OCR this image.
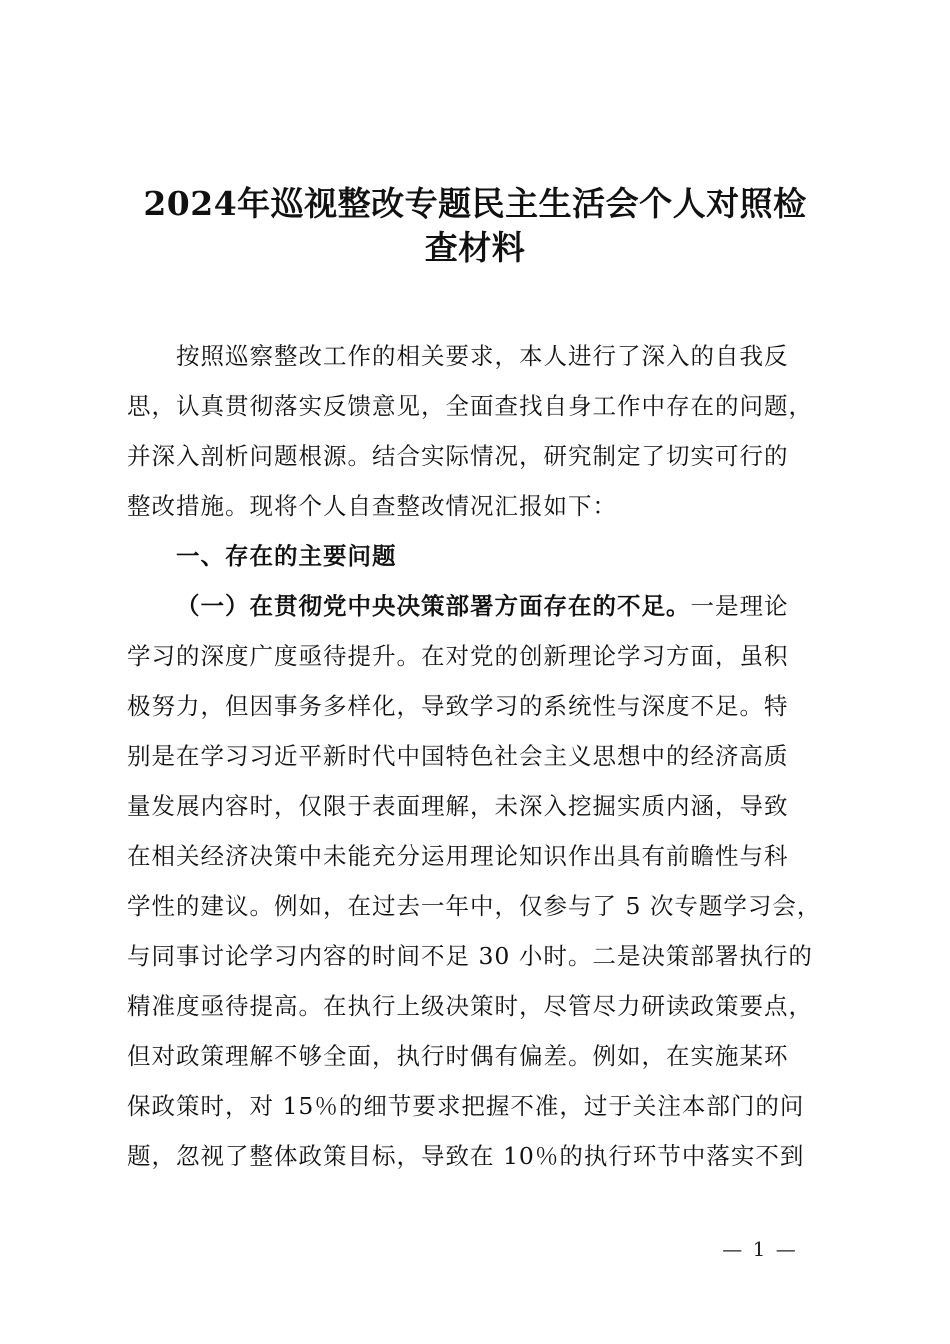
2024年巡视整改专题民主生活会个人对照检
查材料
按照巡察整改工作的相关要求，本人进行了深入的自我反
思，认真贯彻落实反馈意见，全面查找自身工作中存在的问题，
并深入剖析问题根源。结合实际情况，研究制定了切实可行的
整改措施。现将个人自查整改情况汇报如下：
一、存在的主要问题
（一）在贯彻党中央决策部署方面存在的不足。一是理论
学习的深度广度亟待提升。在对党的创新理论学习方面，虽积
极努力，但因事务多样化，导致学习的系统性与深度不足。特
别是在学习习近平新时代中国特色社会主义思想中的经济高质
量发展内容时，仅限于表面理解，未深入挖掘实质内涵，导致
在相关经济决策中未能充分运用理论知识作出具有前瞻性与科
学性的建议。例如，在过去一年中，仅参与了 5 次专题学习会，
与同事讨论学习内容的时间不足 30 小时。二是决策部署执行的
精准度亟待提高。在执行上级决策时，尽管尽力研读政策要点，
但对政策理解不够全面，执行时偶有偏差。例如，在实施某环
保政策时，对 15％的细节要求把握不准，过于关注本部门的问
题，忽视了整体政策目标，导致在 10％的执行环节中落实不到
— 1 —
